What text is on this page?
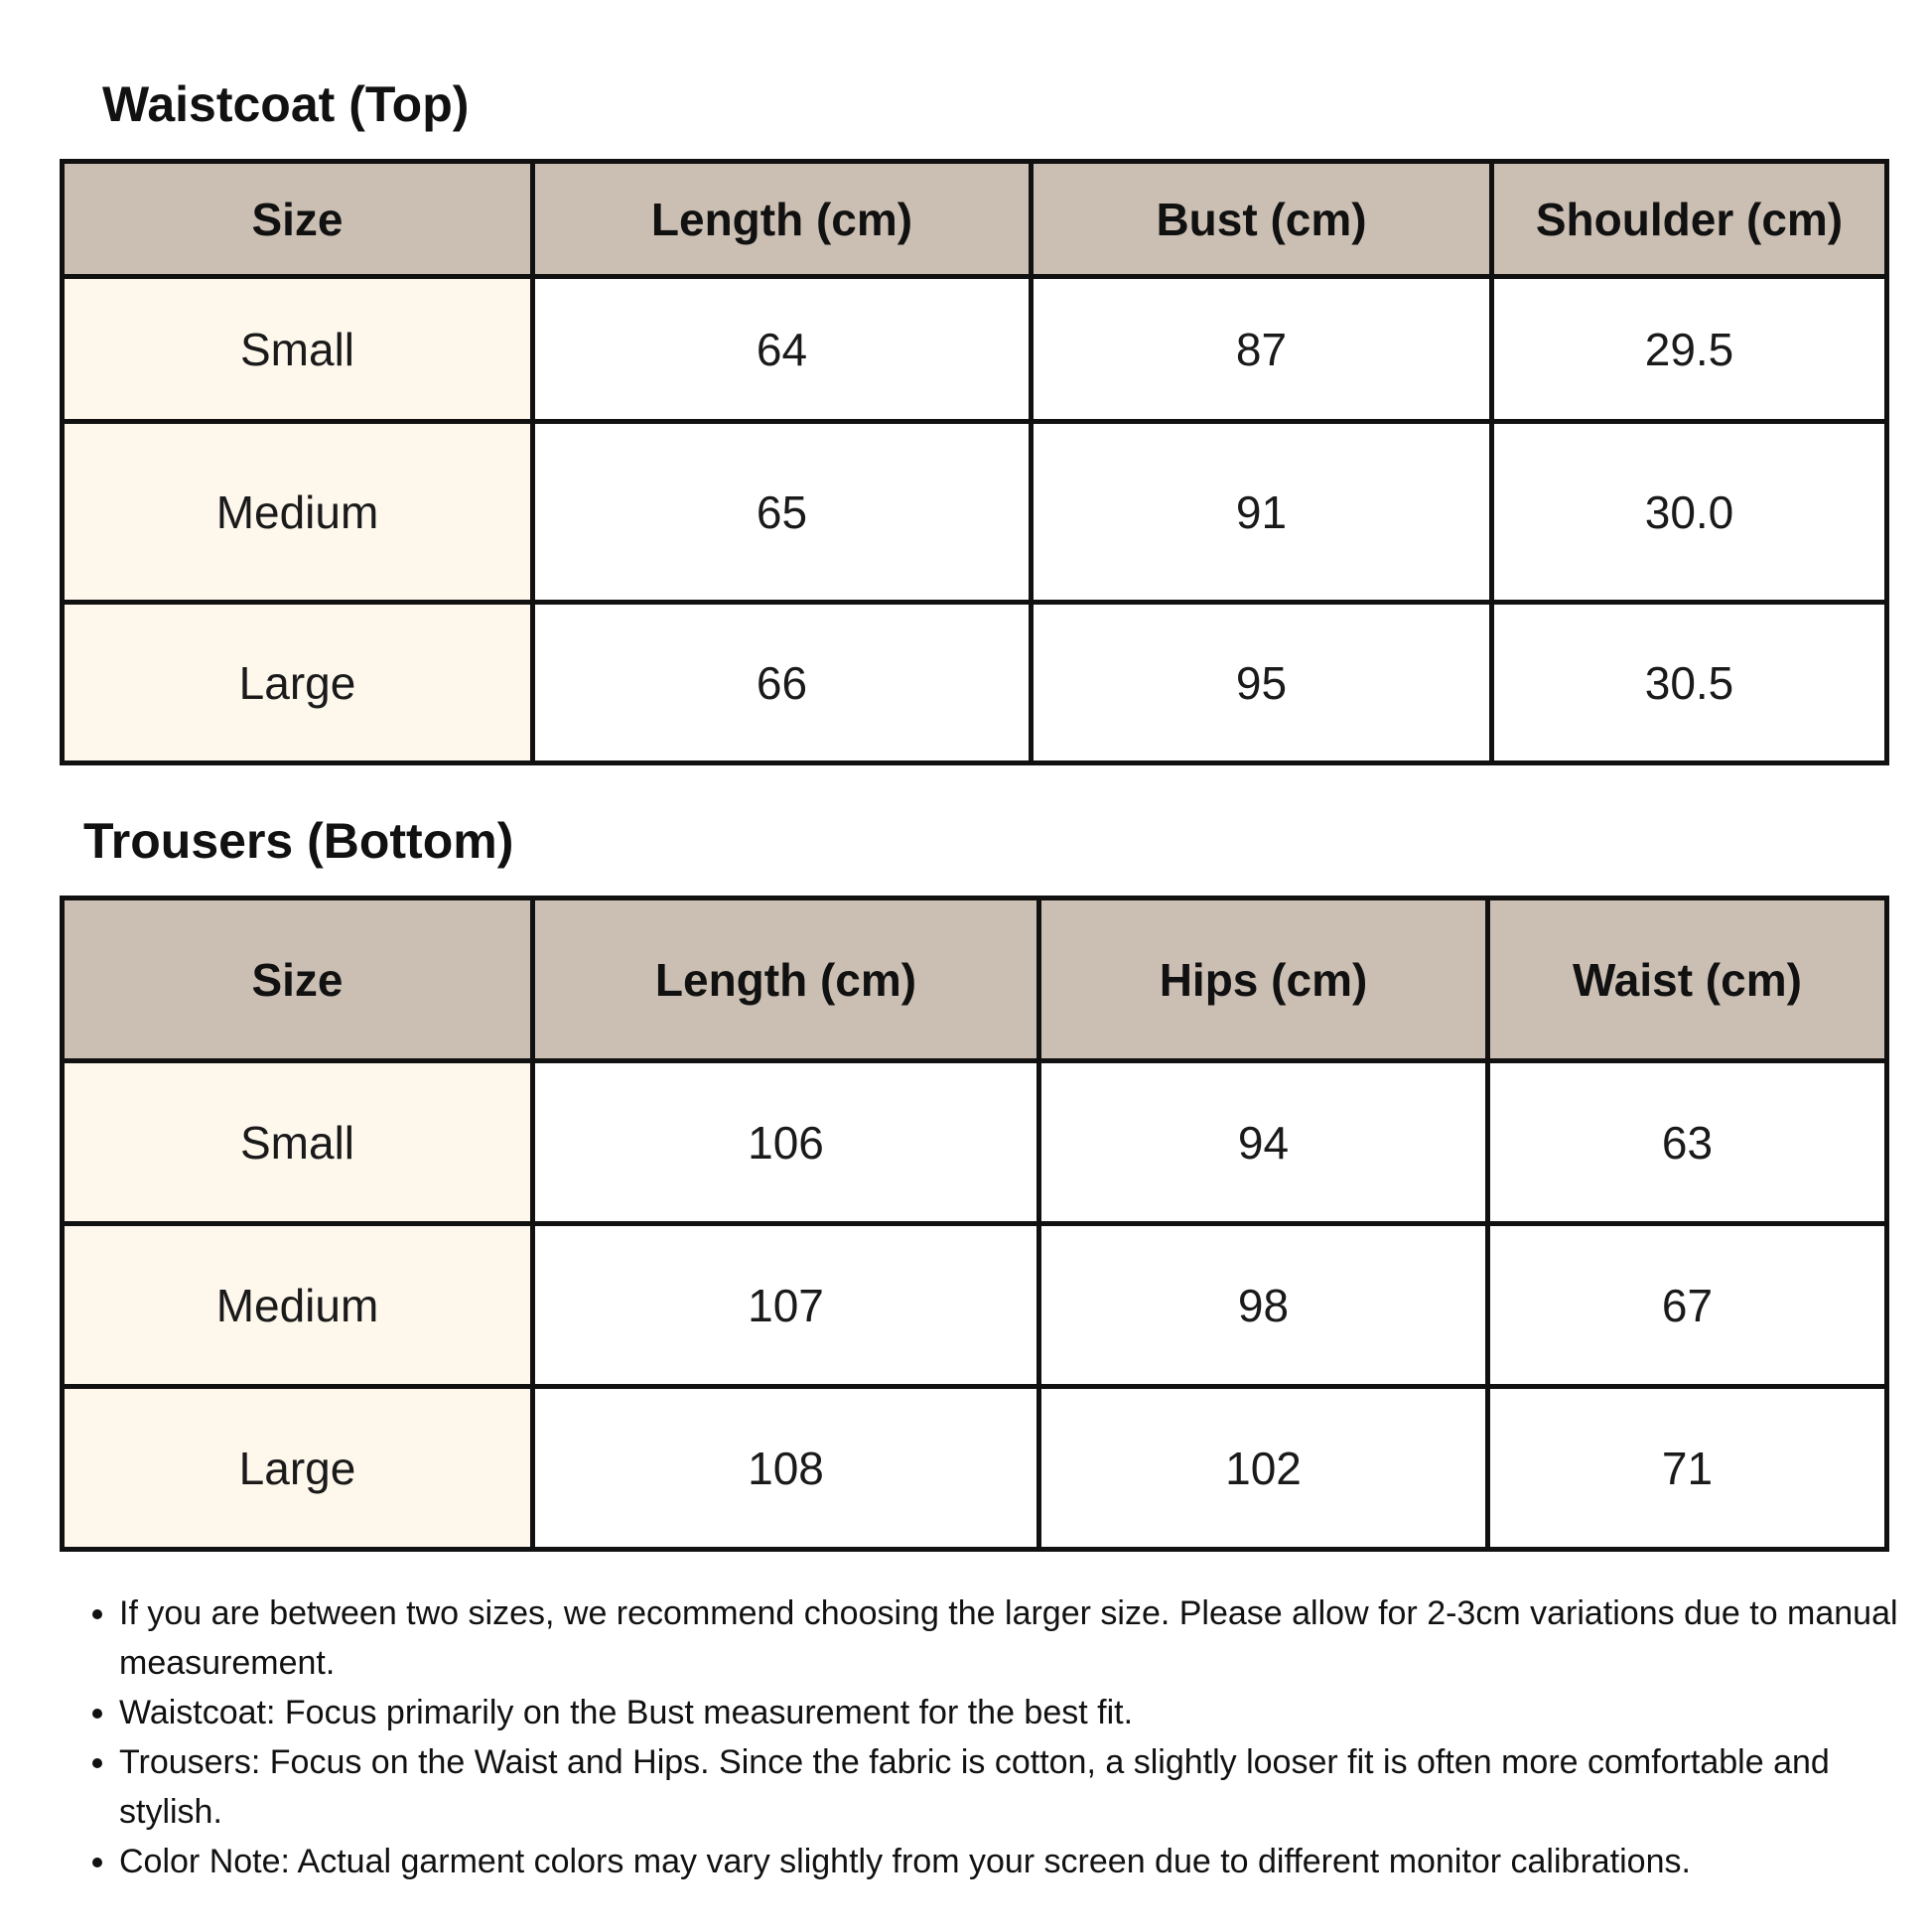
Waistcoat (Top)
Size	Length (cm)	Bust (cm)	Shoulder (cm)
Small	64	87	29.5
Medium	65	91	30.0
Large	66	95	30.5
Trousers (Bottom)
Size	Length (cm)	Hips (cm)	Waist (cm)
Small	106	94	63
Medium	107	98	67
Large	108	102	71
• If you are between two sizes, we recommend choosing the larger size. Please allow for 2-3cm variations due to manual measurement.
• Waistcoat: Focus primarily on the Bust measurement for the best fit.
• Trousers: Focus on the Waist and Hips. Since the fabric is cotton, a slightly looser fit is often more comfortable and stylish.
• Color Note: Actual garment colors may vary slightly from your screen due to different monitor calibrations.
